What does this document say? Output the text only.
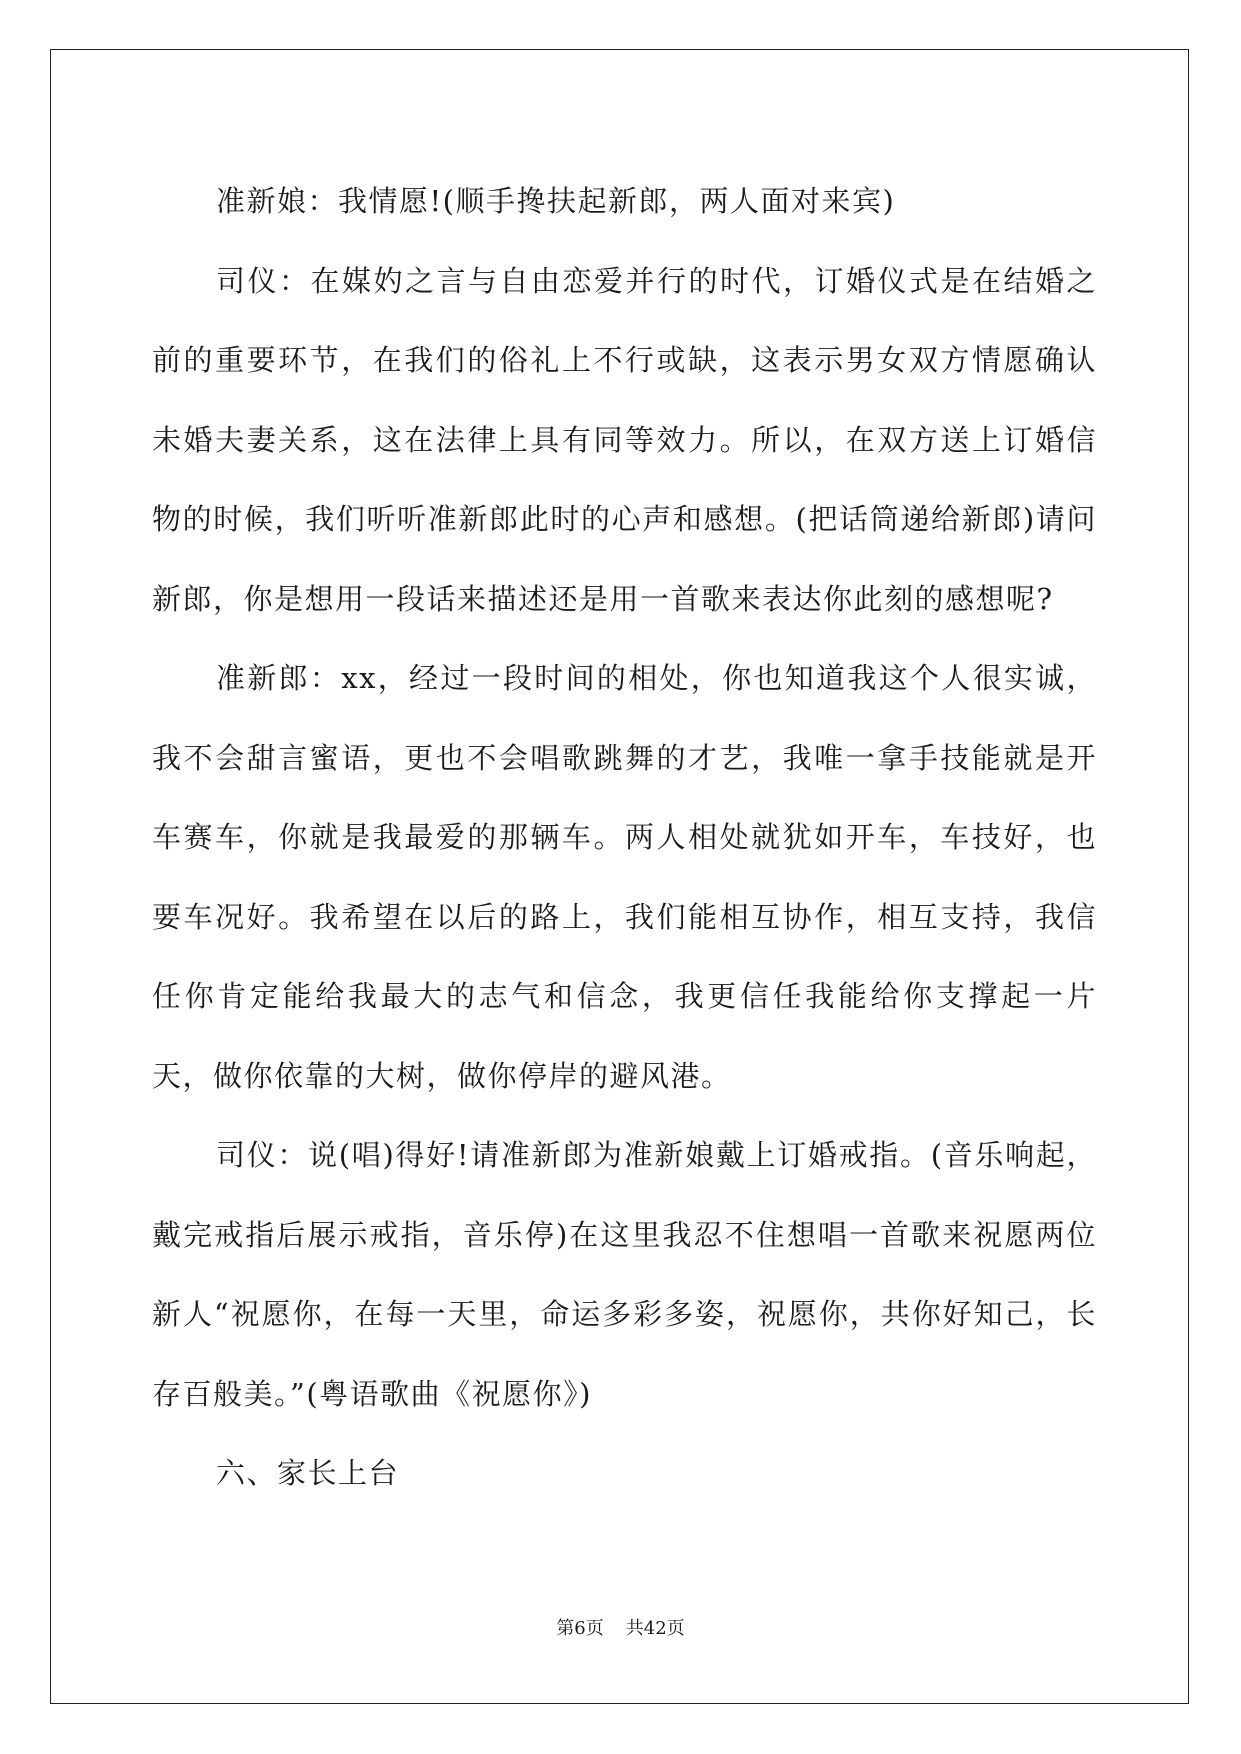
准新娘：我情愿!(顺手搀扶起新郎，两人面对来宾)

司仪：在媒妁之言与自由恋爱并行的时代，订婚仪式是在结婚之前的重要环节，在我们的俗礼上不行或缺，这表示男女双方情愿确认未婚夫妻关系，这在法律上具有同等效力。所以，在双方送上订婚信物的时候，我们听听准新郎此时的心声和感想。(把话筒递给新郎)请问新郎，你是想用一段话来描述还是用一首歌来表达你此刻的感想呢?

准新郎：xx，经过一段时间的相处，你也知道我这个人很实诚，我不会甜言蜜语，更也不会唱歌跳舞的才艺，我唯一拿手技能就是开车赛车，你就是我最爱的那辆车。两人相处就犹如开车，车技好，也要车况好。我希望在以后的路上，我们能相互协作，相互支持，我信任你肯定能给我最大的志气和信念，我更信任我能给你支撑起一片天，做你依靠的大树，做你停岸的避风港。

司仪：说(唱)得好!请准新郎为准新娘戴上订婚戒指。(音乐响起，戴完戒指后展示戒指，音乐停)在这里我忍不住想唱一首歌来祝愿两位新人“祝愿你，在每一天里，命运多彩多姿，祝愿你，共你好知己，长存百般美。”(粤语歌曲《祝愿你》)

六、家长上台

第6页 共42页
